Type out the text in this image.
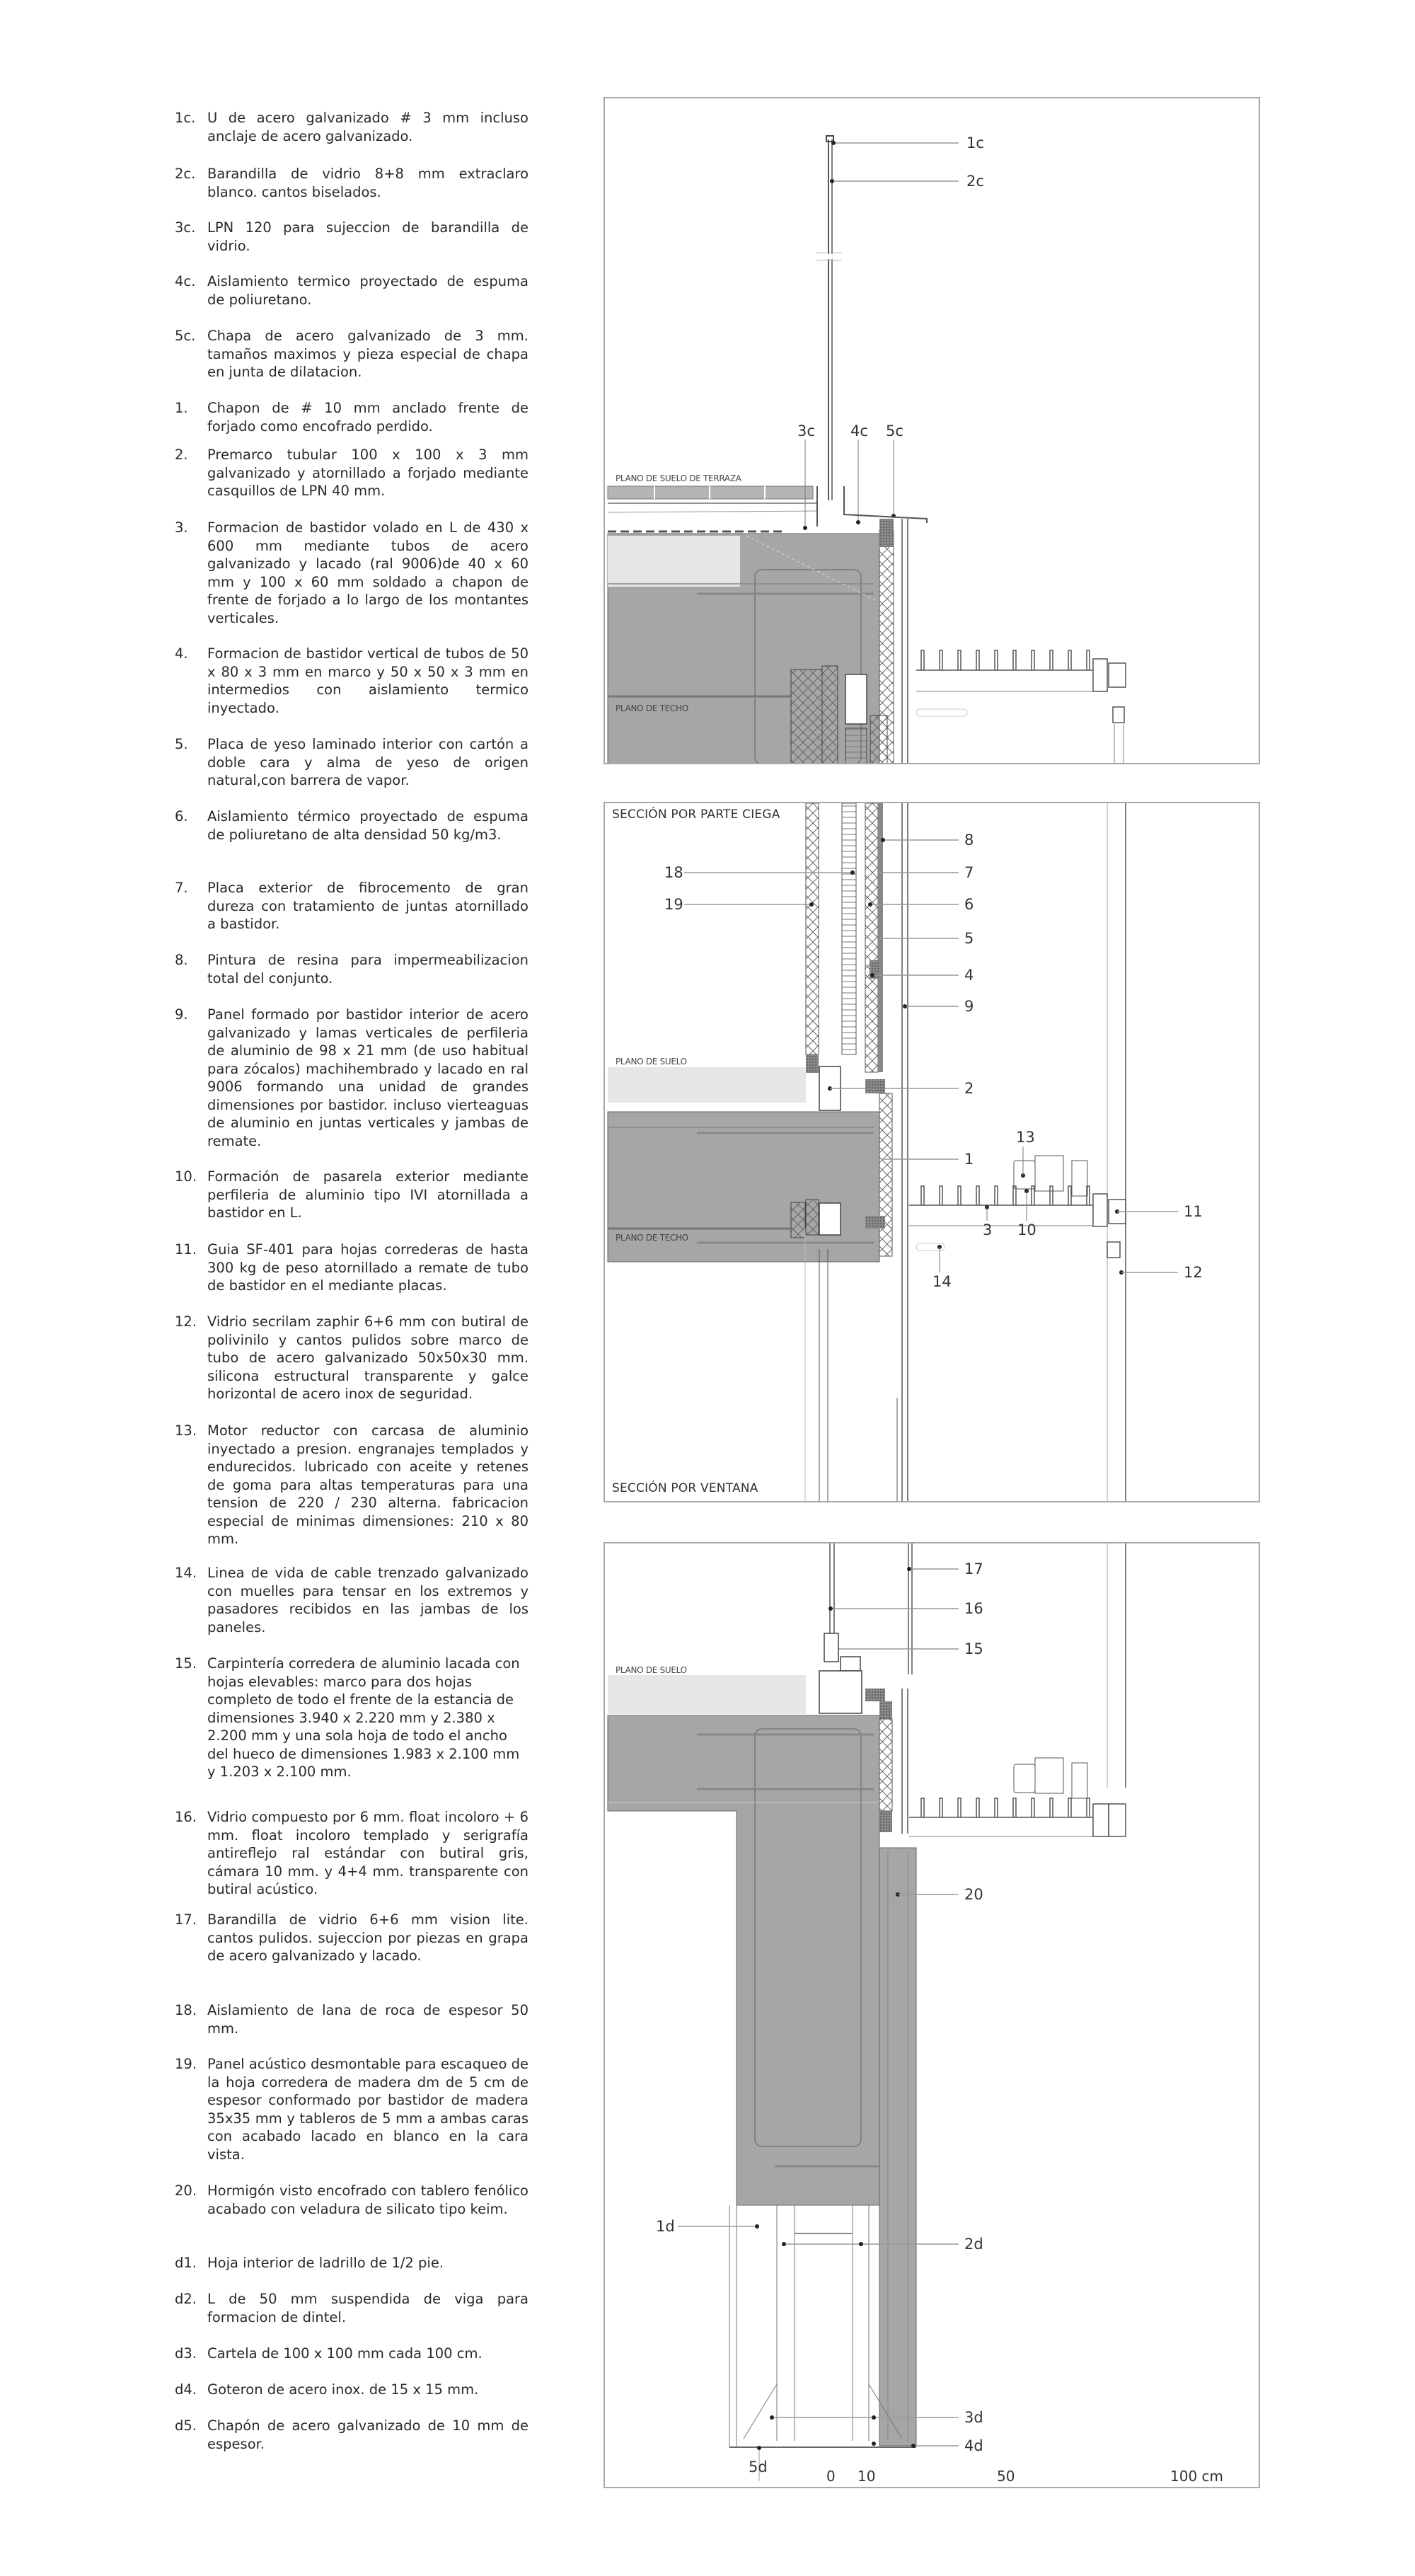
1c. U de acero galvanizado # 3 mm incluso anclaje de acero galvanizado.
2c. Barandilla de vidrio 8+8 mm extraclaro blanco. cantos biselados.
3c. LPN 120 para sujeccion de barandilla de vidrio.
4c. Aislamiento termico proyectado de espuma de poliuretano.
5c. Chapa de acero galvanizado de 3 mm. tamaños maximos y pieza especial de chapa en junta de dilatacion.
1.	Chapon de # 10 mm anclado frente de forjado como encofrado perdido.
2.	Premarco tubular 100 x 100 x 3 mm galvanizado y atornillado a forjado mediante casquillos de LPN 40 mm.
3.	Formacion de bastidor volado en L de 430 x 600 mm mediante tubos de acero galvanizado y lacado (ral 9006)de 40 x 60 mm y 100 x 60 mm soldado a chapon de frente de forjado a lo largo de los montantes verticales.
4.	Formacion de bastidor vertical de tubos de 50 x 80 x 3 mm en marco y 50 x 50 x 3 mm en intermedios con aislamiento termico inyectado.
5.	Placa de yeso laminado interior con cartón a doble cara y alma de yeso de origen natural,con barrera de vapor.
6.	Aislamiento térmico proyectado de espuma de poliuretano de alta densidad 50 kg/m3.
7.	Placa exterior de fibrocemento de gran dureza con tratamiento de juntas atornillado a bastidor.
8.	Pintura de resina para impermeabilizacion total del conjunto.
9.	Panel formado por bastidor interior de acero galvanizado y lamas verticales de perfileria de aluminio de 98 x 21 mm (de uso habitual para zócalos) machihembrado y lacado en ral 9006 formando una unidad de grandes dimensiones por bastidor. incluso vierteaguas de aluminio en juntas verticales y jambas de remate.
10. Formación de pasarela exterior mediante perfileria de aluminio tipo IVI atornillada a bastidor en L.
11. Guia SF-401 para hojas correderas de hasta 300 kg de peso atornillado a remate de tubo de bastidor en el mediante placas.
12. Vidrio secrilam zaphir 6+6 mm con butiral de polivinilo y cantos pulidos sobre marco de tubo de acero galvanizado 50x50x30 mm. silicona estructural transparente y galce horizontal de acero inox de seguridad.
13. Motor reductor con carcasa de aluminio inyectado a presion. engranajes templados y endurecidos. lubricado con aceite y retenes de goma para altas temperaturas para una tension de 220 / 230 alterna. fabricacion especial de minimas dimensiones: 210 x 80 mm.
14. Linea de vida de cable trenzado galvanizado con muelles para tensar en los extremos y pasadores recibidos en las jambas de los paneles.
15. Carpintería corredera de aluminio lacada con hojas elevables: marco para dos hojas completo de todo el frente de la estancia de dimensiones 3.940 x 2.220 mm y 2.380 x 2.200 mm y una sola hoja de todo el ancho del hueco de dimensiones 1.983 x 2.100 mm y 1.203 x 2.100 mm.
16. Vidrio compuesto por 6 mm. float incoloro + 6 mm. float incoloro templado y serigrafía antireflejo ral estándar con butiral gris, cámara 10 mm. y 4+4 mm. transparente con butiral acústico.
17. Barandilla de vidrio 6+6 mm vision lite. cantos pulidos. sujeccion por piezas en grapa de acero galvanizado y lacado.
18. Aislamiento de lana de roca de espesor 50 mm.
19. Panel acústico desmontable para escaqueo de la hoja corredera de madera dm de 5 cm de espesor conformado por bastidor de madera 35x35 mm y tableros de 5 mm a ambas caras con acabado lacado en blanco en la cara vista.
20. Hormigón visto encofrado con tablero fenólico acabado con veladura de silicato tipo keim.
d1. Hoja interior de ladrillo de 1/2 pie.
d2. L de 50 mm suspendida de viga para formacion de dintel.
d3. Cartela de 100 x 100 mm cada 100 cm.
d4. Goteron de acero inox. de 15 x 15 mm.
d5. Chapón de acero galvanizado de 10 mm de espesor.
1c
2c
3c 4c 5c
PLANO DE SUELO DE TERRAZA
PLANO DE TECHO
SECCIÓN POR PARTE CIEGA
SECCIÓN POR VENTANA
PLANO DE SUELO
PLANO DE TECHO
8
7
6
5
4
9
18
19
2
13
1
11
3 10
14
12
PLANO DE SUELO
17
16
15
20
1d
2d
3d
4d
5d
0 10	50	100 cm
